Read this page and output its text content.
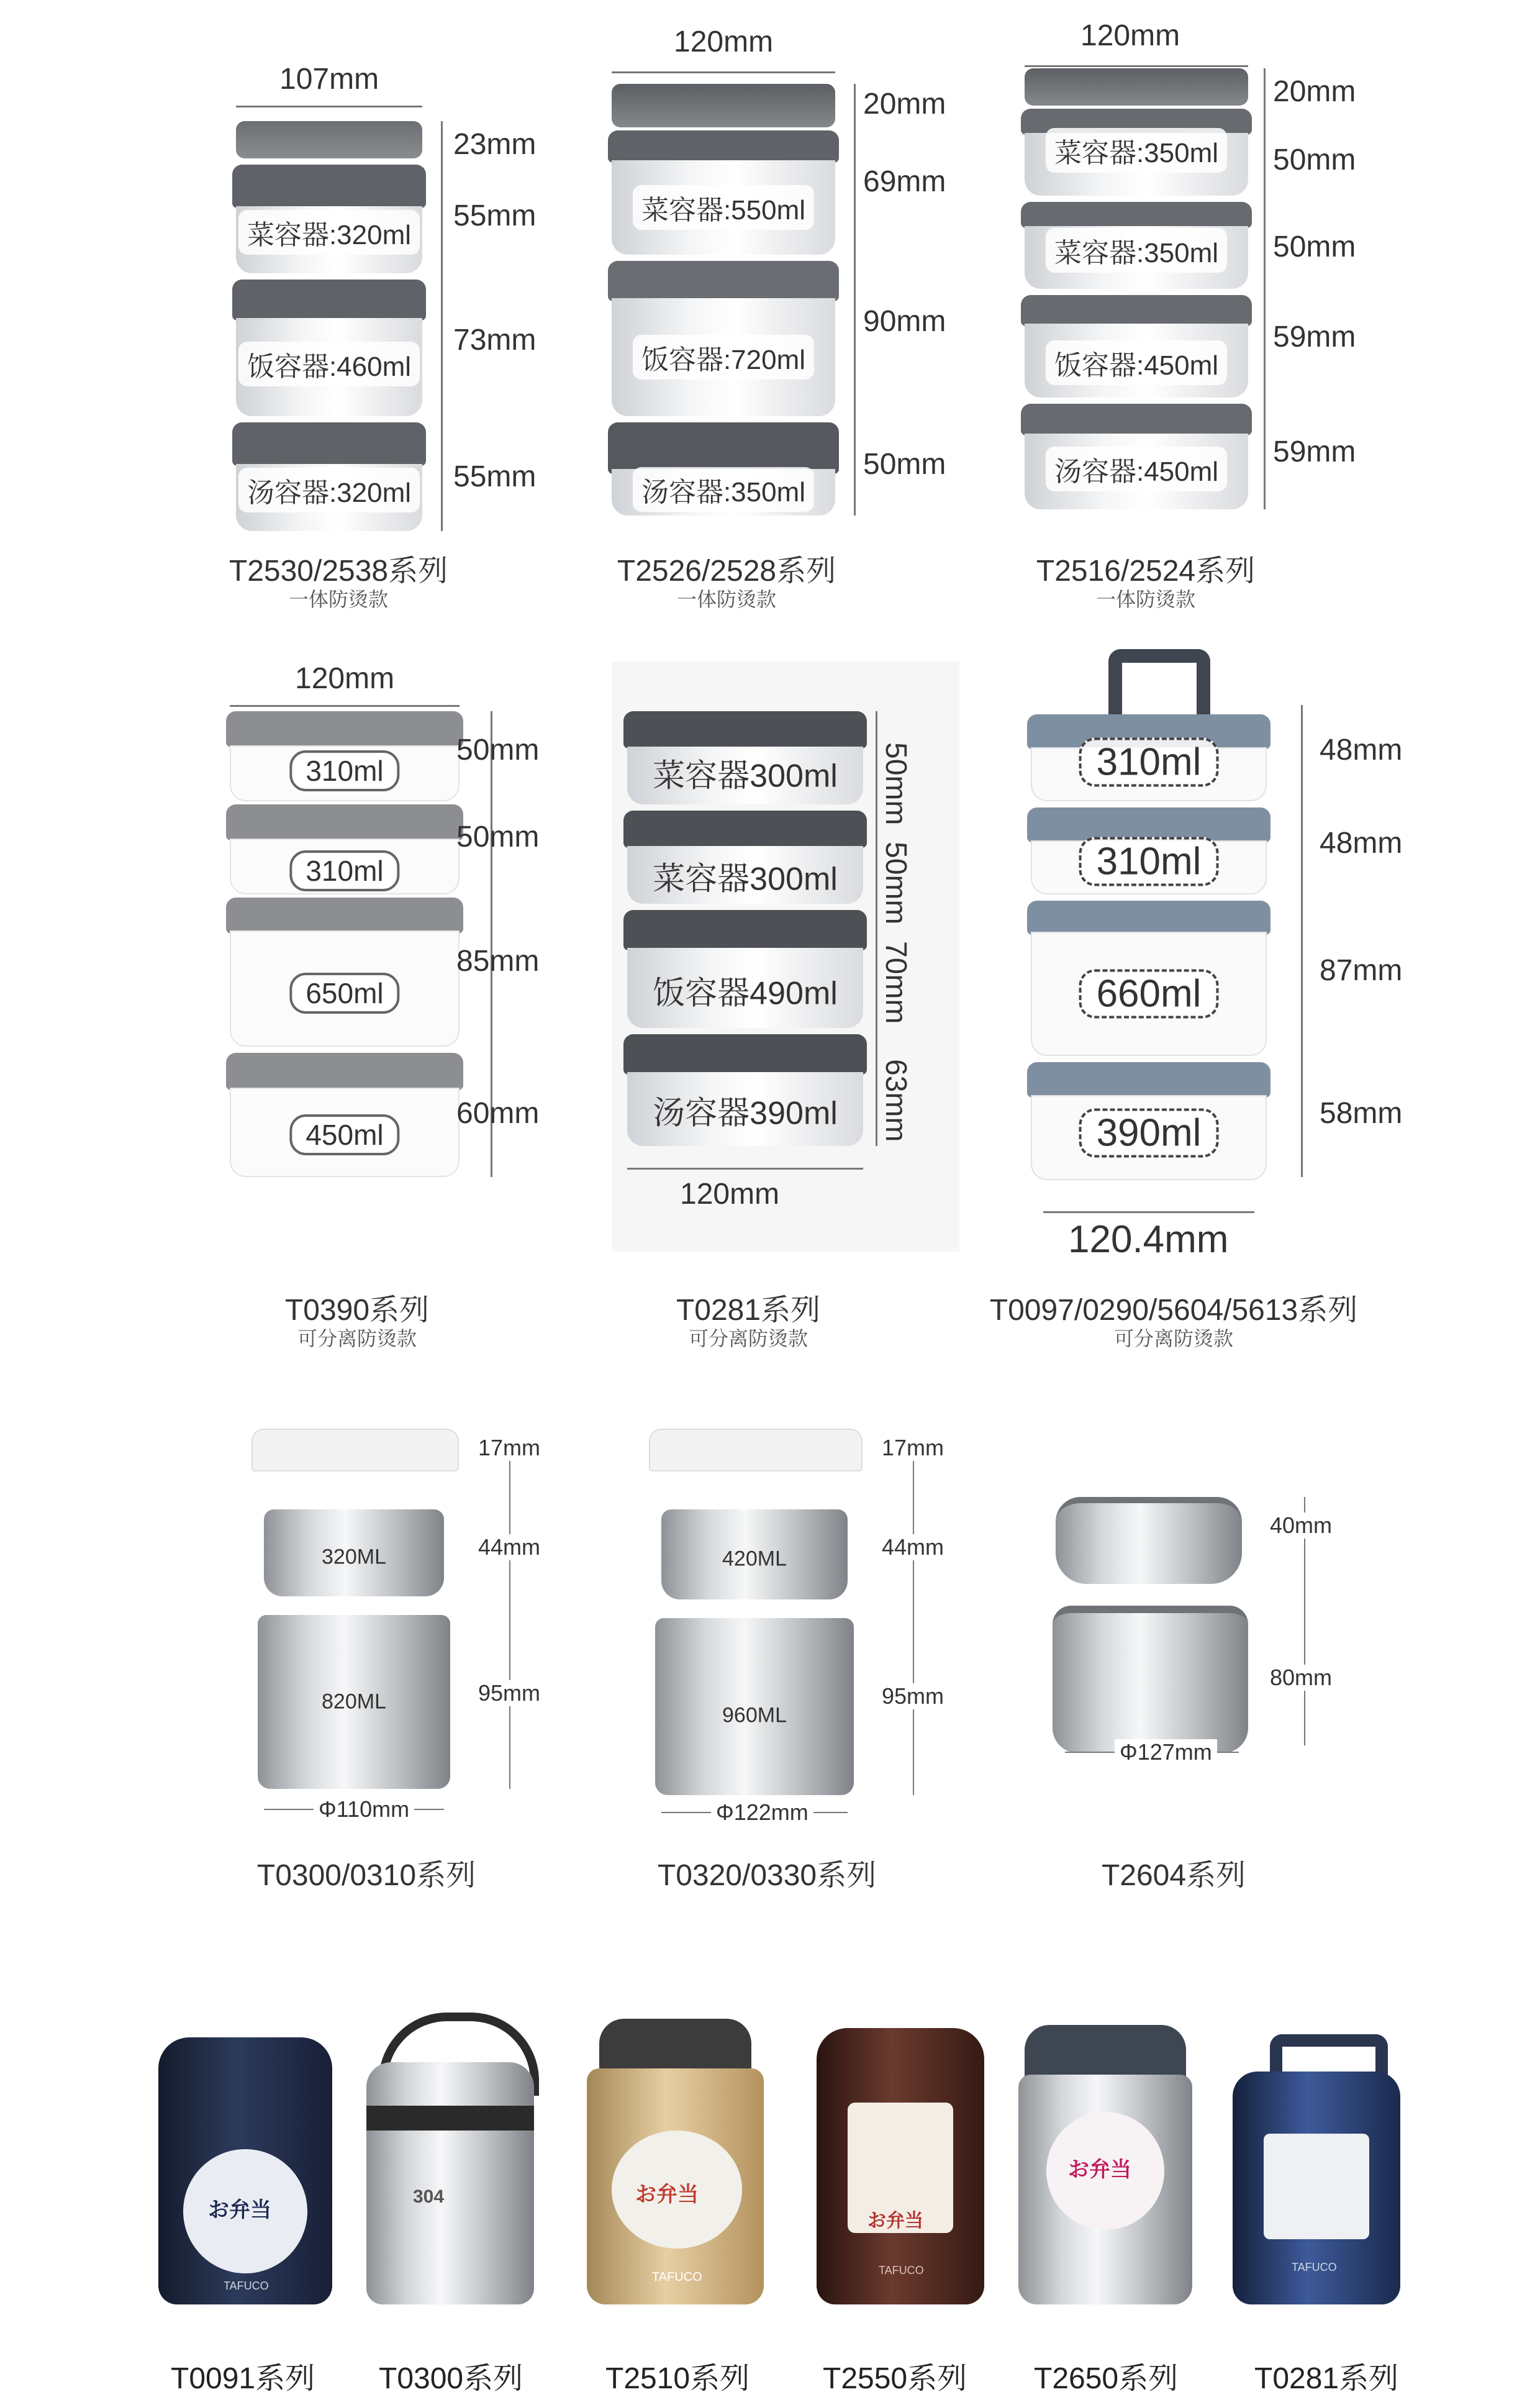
107mm
菜容器:320ml
饭容器:460ml
汤容器:320ml
23mm
55mm
73mm
55mm
T2530/2538系列
一体防烫款
120mm
菜容器:550ml
饭容器:720ml
汤容器:350ml
20mm
69mm
90mm
50mm
T2526/2528系列
一体防烫款
120mm
菜容器:350ml
菜容器:350ml
饭容器:450ml
汤容器:450ml
20mm
50mm
50mm
59mm
59mm
T2516/2524系列
一体防烫款
120mm
310ml
310ml
650ml
450ml
50mm
50mm
85mm
60mm
T0390系列
可分离防烫款
菜容器300ml
菜容器300ml
饭容器490ml
汤容器390ml
50mm
50mm
70mm
63mm
120mm
T0281系列
可分离防烫款
310ml
310ml
660ml
390ml
48mm
48mm
87mm
58mm
120.4mm
T0097/0290/5604/5613系列
可分离防烫款
320ML
820ML
17mm
44mm
95mm
Φ110mm
T0300/0310系列
420ML
960ML
17mm
44mm
95mm
Φ122mm
T0320/0330系列
40mm
80mm
Φ127mm
T2604系列
お弁当
TAFUCO
T0091系列
304
T0300系列
お弁当
TAFUCO
T2510系列
お弁当
TAFUCO
T2550系列
お弁当
T2650系列
TAFUCO
T0281系列
